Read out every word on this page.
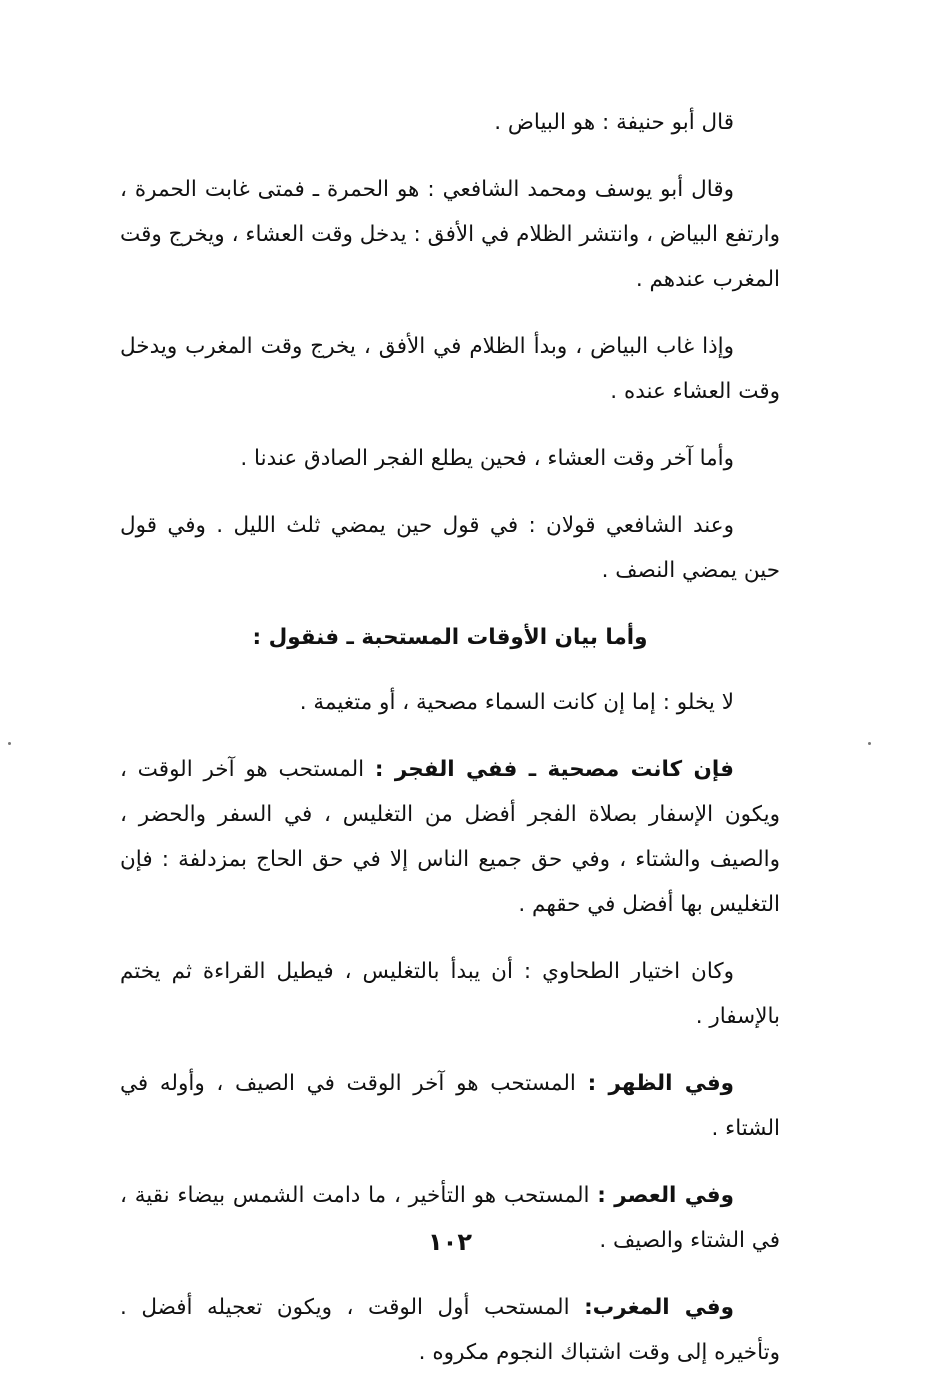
قال أبو حنيفة : هو البياض .

وقال أبو يوسف ومحمد الشافعي : هو الحمرة ـ فمتى غابت الحمرة ، وارتفع البياض ، وانتشر الظلام في الأفق : يدخل وقت العشاء ، ويخرج وقت المغرب عندهم .

وإذا غاب البياض ، وبدأ الظلام في الأفق ، يخرج وقت المغرب ويدخل وقت العشاء عنده .

وأما آخر وقت العشاء ، فحين يطلع الفجر الصادق عندنا .

وعند الشافعي قولان : في قول حين يمضي ثلث الليل . وفي قول حين يمضي النصف .

وأما بيان الأوقات المستحبة ـ فنقول :

لا يخلو : إما إن كانت السماء مصحية ، أو متغيمة .

فإن كانت مصحية ـ ففي الفجر : المستحب هو آخر الوقت ، ويكون الإسفار بصلاة الفجر أفضل من التغليس ، في السفر والحضر ، والصيف والشتاء ، وفي حق جميع الناس إلا في حق الحاج بمزدلفة : فإن التغليس بها أفضل في حقهم .

وكان اختيار الطحاوي : أن يبدأ بالتغليس ، فيطيل القراءة ثم يختم بالإسفار .

وفي الظهر : المستحب هو آخر الوقت في الصيف ، وأوله في الشتاء .

وفي العصر : المستحب هو التأخير ، ما دامت الشمس بيضاء نقية ، في الشتاء والصيف .

وفي المغرب: المستحب أول الوقت ، ويكون تعجيله أفضل . وتأخيره إلى وقت اشتباك النجوم مكروه .

١٠٢
